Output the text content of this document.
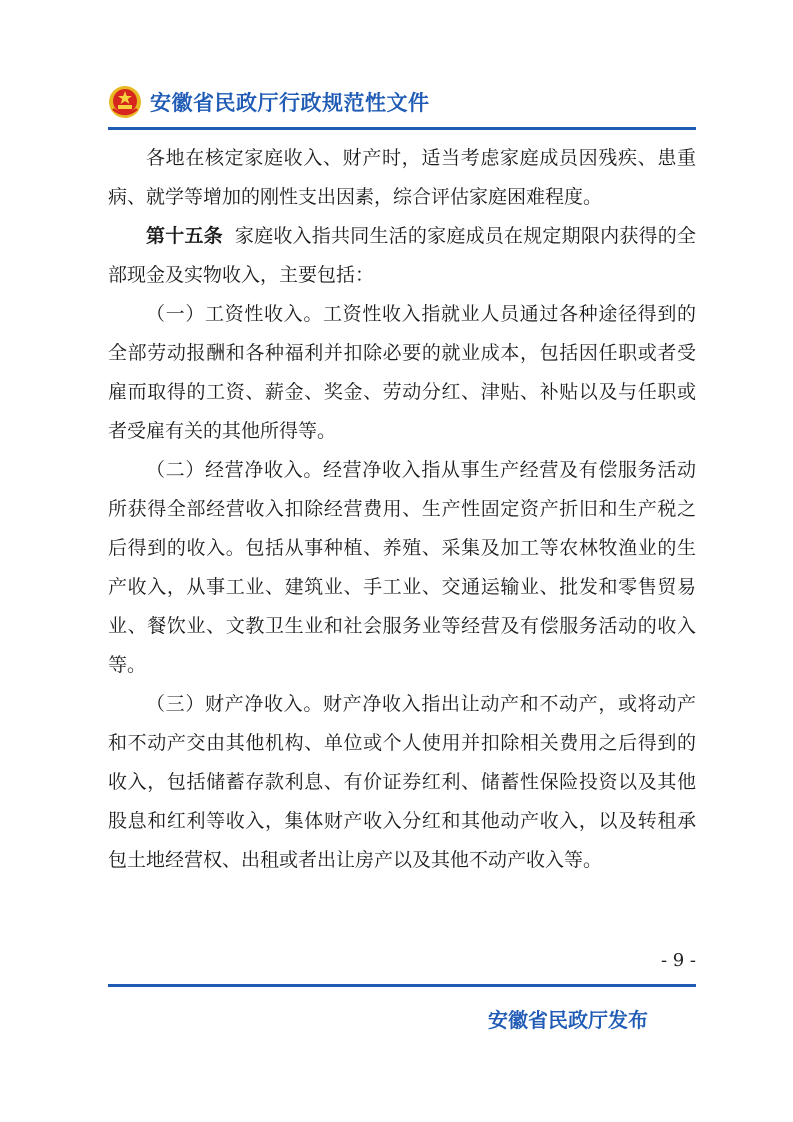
安徽省民政厅行政规范性文件

各地在核定家庭收入、财产时，适当考虑家庭成员因残疾、患重病、就学等增加的刚性支出因素，综合评估家庭困难程度。

第十五条 家庭收入指共同生活的家庭成员在规定期限内获得的全部现金及实物收入，主要包括：

（一）工资性收入。工资性收入指就业人员通过各种途径得到的全部劳动报酬和各种福利并扣除必要的就业成本，包括因任职或者受雇而取得的工资、薪金、奖金、劳动分红、津贴、补贴以及与任职或者受雇有关的其他所得等。

（二）经营净收入。经营净收入指从事生产经营及有偿服务活动所获得全部经营收入扣除经营费用、生产性固定资产折旧和生产税之后得到的收入。包括从事种植、养殖、采集及加工等农林牧渔业的生产收入，从事工业、建筑业、手工业、交通运输业、批发和零售贸易业、餐饮业、文教卫生业和社会服务业等经营及有偿服务活动的收入等。

（三）财产净收入。财产净收入指出让动产和不动产，或将动产和不动产交由其他机构、单位或个人使用并扣除相关费用之后得到的收入，包括储蓄存款利息、有价证券红利、储蓄性保险投资以及其他股息和红利等收入，集体财产收入分红和其他动产收入，以及转租承包土地经营权、出租或者出让房产以及其他不动产收入等。

- 9 -
安徽省民政厅发布
